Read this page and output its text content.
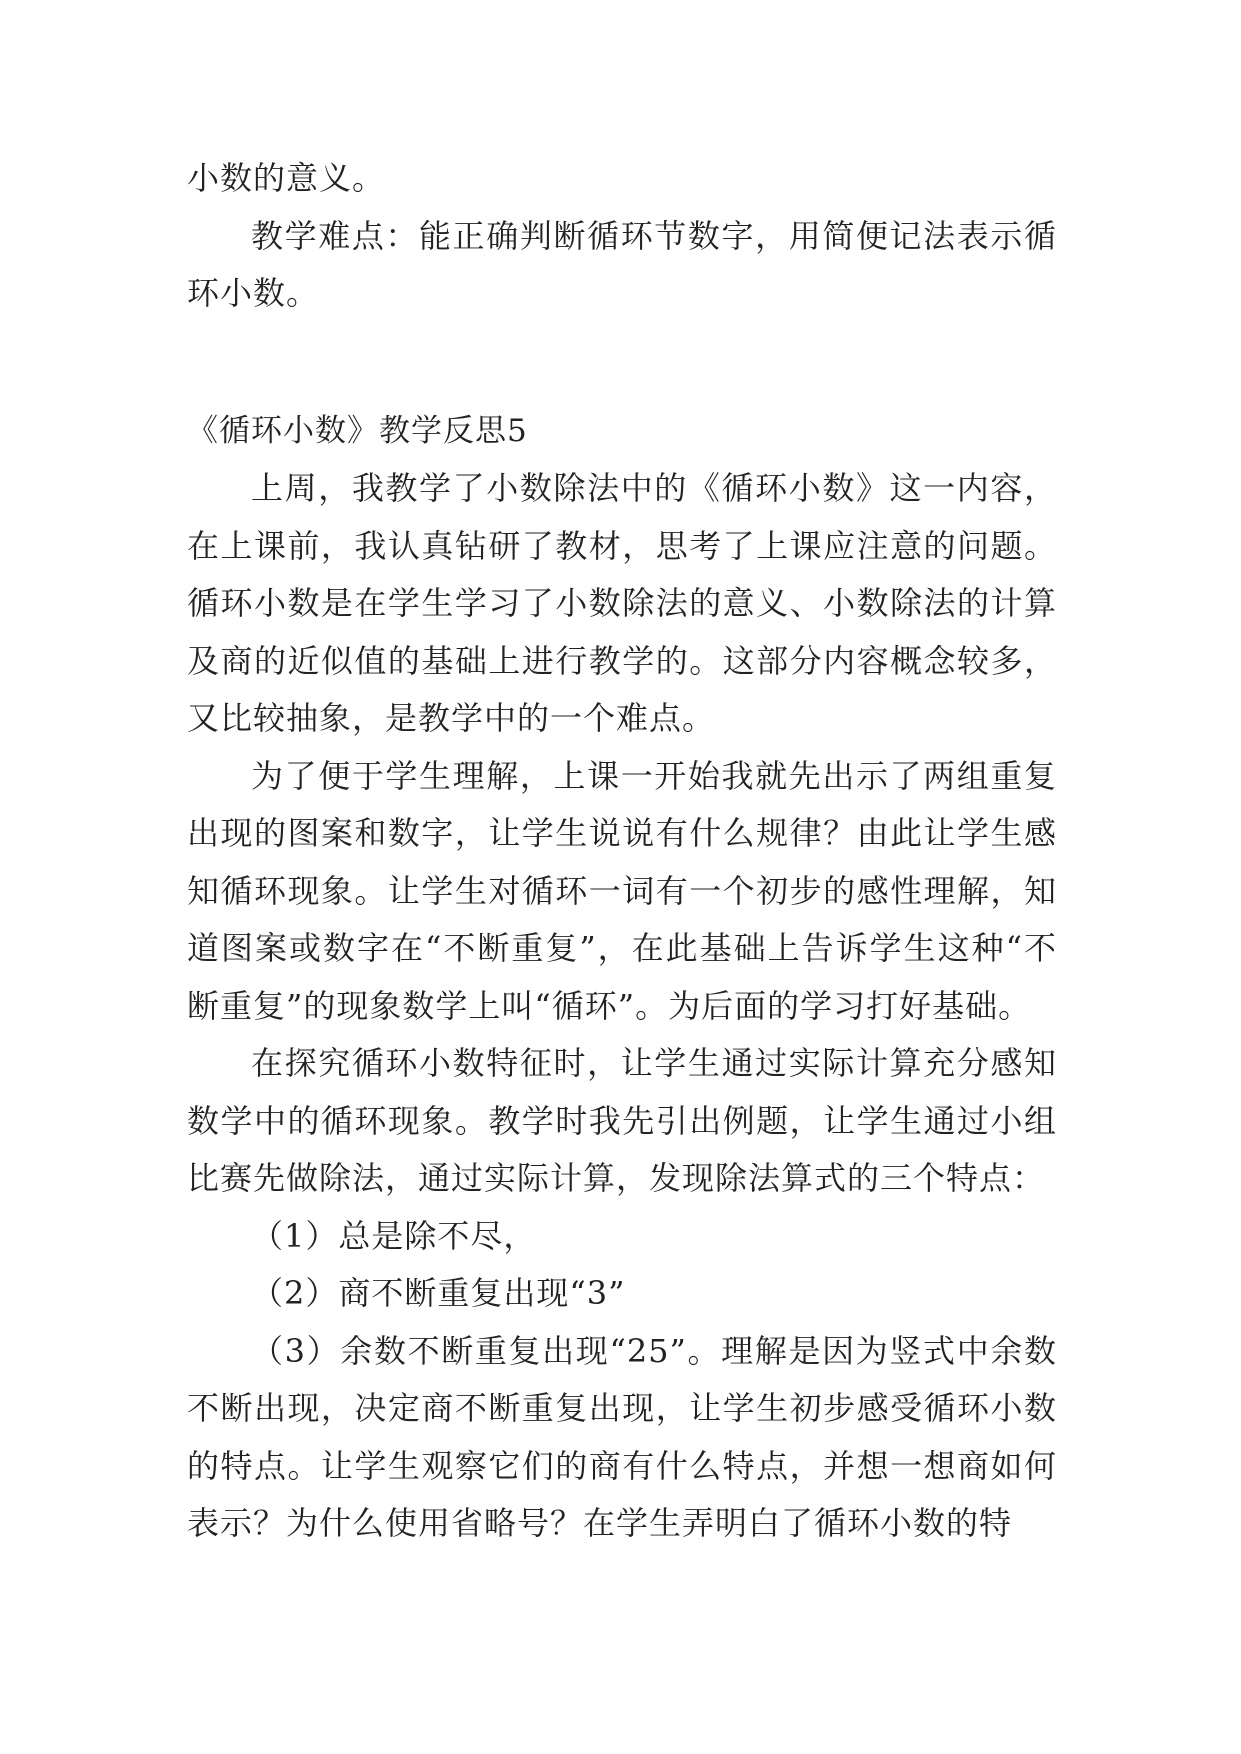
小数的意义。

教学难点：能正确判断循环节数字，用简便记法表示循环小数。

《循环小数》教学反思5

上周，我教学了小数除法中的《循环小数》这一内容，在上课前，我认真钻研了教材，思考了上课应注意的问题。循环小数是在学生学习了小数除法的意义、小数除法的计算及商的近似值的基础上进行教学的。这部分内容概念较多，又比较抽象，是教学中的一个难点。

为了便于学生理解，上课一开始我就先出示了两组重复出现的图案和数字，让学生说说有什么规律？由此让学生感知循环现象。让学生对循环一词有一个初步的感性理解，知道图案或数字在“不断重复”，在此基础上告诉学生这种“不断重复”的现象数学上叫“循环”。为后面的学习打好基础。

在探究循环小数特征时，让学生通过实际计算充分感知数学中的循环现象。教学时我先引出例题，让学生通过小组比赛先做除法，通过实际计算，发现除法算式的三个特点：

（1）总是除不尽，

（2）商不断重复出现“3”

（3）余数不断重复出现“25”。理解是因为竖式中余数不断出现，决定商不断重复出现，让学生初步感受循环小数的特点。让学生观察它们的商有什么特点，并想一想商如何表示？为什么使用省略号？在学生弄明白了循环小数的特
